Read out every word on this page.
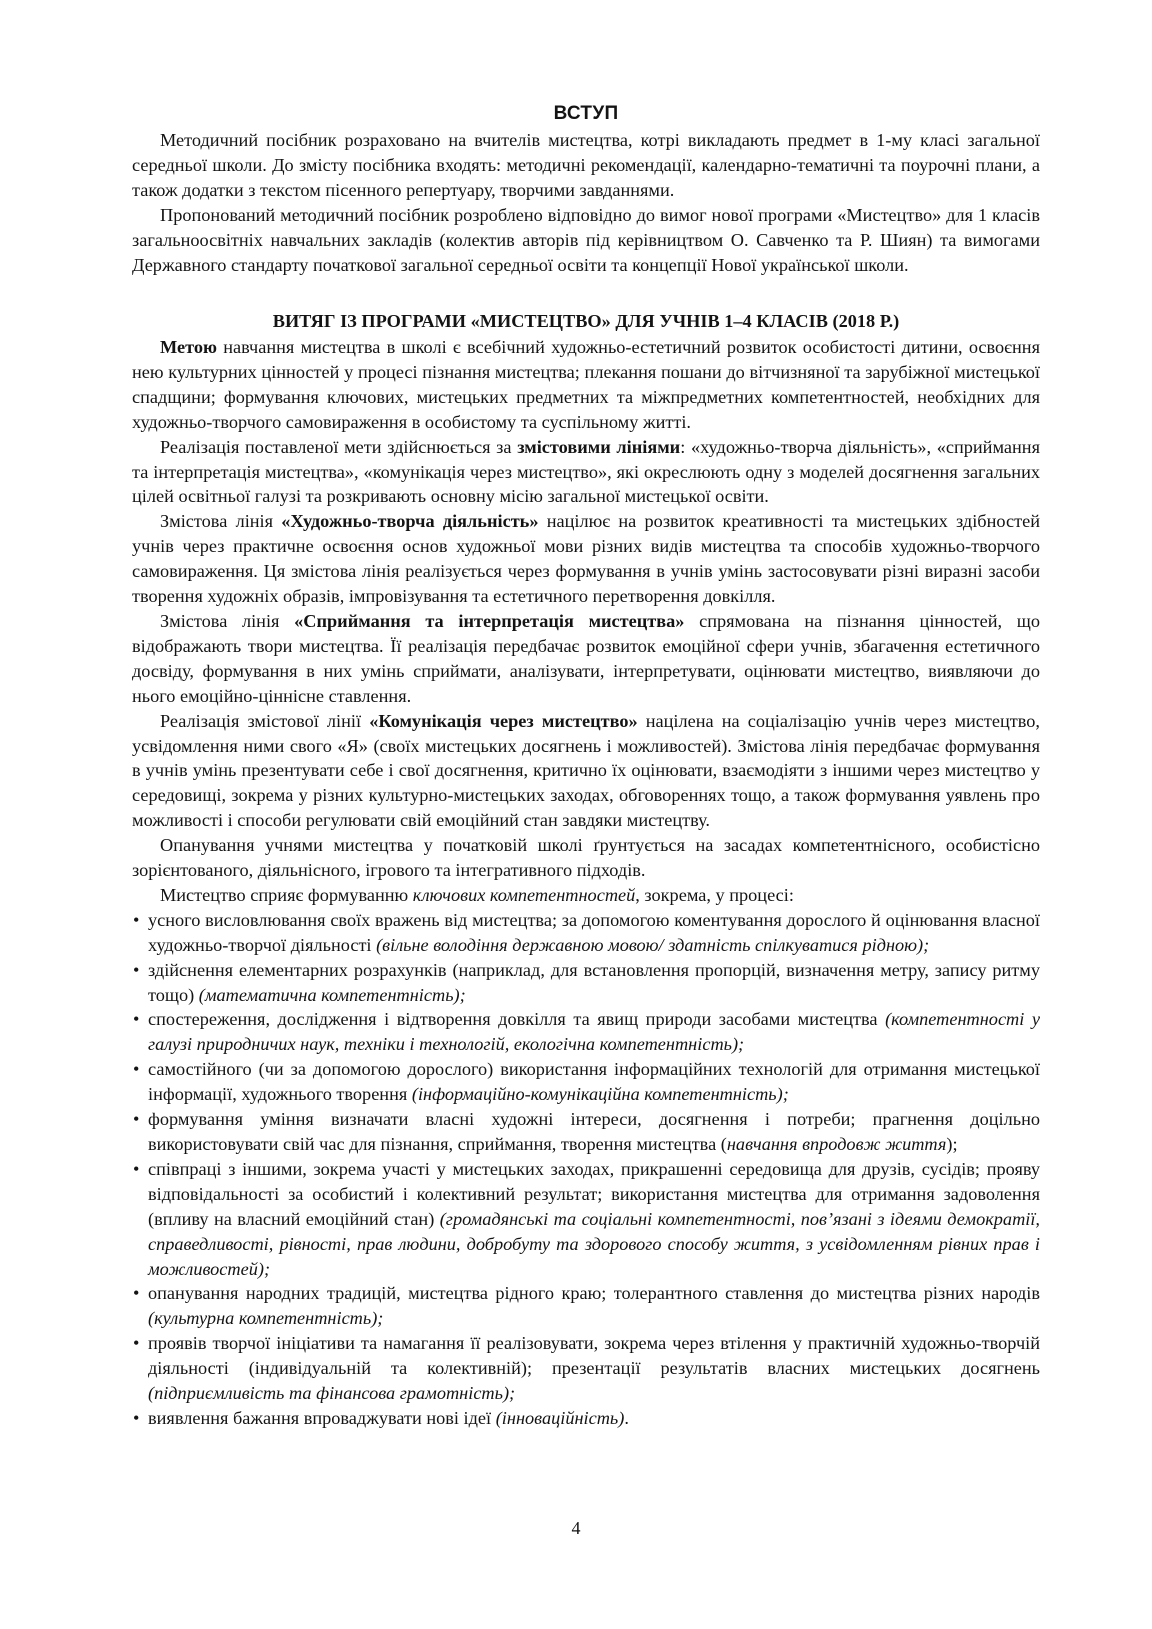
ВСТУП

Методичний посібник розраховано на вчителів мистецтва, котрі викладають предмет в 1-му класі загальної середньої школи. До змісту посібника входять: методичні рекомендації, календарно-тематичні та поурочні плани, а також додатки з текстом пісенного репертуару, творчими завданнями.

Пропонований методичний посібник розроблено відповідно до вимог нової програми «Мистецтво» для 1 класів загальноосвітніх навчальних закладів (колектив авторів під керівництвом О. Савченко та Р. Шиян) та вимогами Державного стандарту початкової загальної середньої освіти та концепції Нової української школи.

ВИТЯГ ІЗ ПРОГРАМИ «МИСТЕЦТВО» ДЛЯ УЧНІВ 1–4 КЛАСІВ (2018 Р.)

Метою навчання мистецтва в школі є всебічний художньо-естетичний розвиток особистості дитини, освоєння нею культурних цінностей у процесі пізнання мистецтва; плекання пошани до вітчизняної та зарубіжної мистецької спадщини; формування ключових, мистецьких предметних та міжпредметних компетентностей, необхідних для художньо-творчого самовираження в особистому та суспільному житті.

Реалізація поставленої мети здійснюється за змістовими лініями: «художньо-творча діяльність», «сприймання та інтерпретація мистецтва», «комунікація через мистецтво», які окреслюють одну з моделей досягнення загальних цілей освітньої галузі та розкривають основну місію загальної мистецької освіти.

Змістова лінія «Художньо-творча діяльність» націлює на розвиток креативності та мистецьких здібностей учнів через практичне освоєння основ художньої мови різних видів мистецтва та способів художньо-творчого самовираження. Ця змістова лінія реалізується через формування в учнів умінь застосовувати різні виразні засоби творення художніх образів, імпровізування та естетичного перетворення довкілля.

Змістова лінія «Сприймання та інтерпретація мистецтва» спрямована на пізнання цінностей, що відображають твори мистецтва. Її реалізація передбачає розвиток емоційної сфери учнів, збагачення естетичного досвіду, формування в них умінь сприймати, аналізувати, інтерпретувати, оцінювати мистецтво, виявляючи до нього емоційно-ціннісне ставлення.

Реалізація змістової лінії «Комунікація через мистецтво» націлена на соціалізацію учнів через мистецтво, усвідомлення ними свого «Я» (своїх мистецьких досягнень і можливостей). Змістова лінія передбачає формування в учнів умінь презентувати себе і свої досягнення, критично їх оцінювати, взаємодіяти з іншими через мистецтво у середовищі, зокрема у різних культурно-мистецьких заходах, обговореннях тощо, а також формування уявлень про можливості і способи регулювати свій емоційний стан завдяки мистецтву.

Опанування учнями мистецтва у початковій школі ґрунтується на засадах компетентнісного, особистісно зорієнтованого, діяльнісного, ігрового та інтегративного підходів.

Мистецтво сприяє формуванню ключових компетентностей, зокрема, у процесі:

• усного висловлювання своїх вражень від мистецтва; за допомогою коментування дорослого й оцінювання власної художньо-творчої діяльності (вільне володіння державною мовою/ здатність спілкуватися рідною);
• здійснення елементарних розрахунків (наприклад, для встановлення пропорцій, визначення метру, запису ритму тощо) (математична компетентність);
• спостереження, дослідження і відтворення довкілля та явищ природи засобами мистецтва (компетентності у галузі природничих наук, техніки і технологій, екологічна компетентність);
• самостійного (чи за допомогою дорослого) використання інформаційних технологій для отримання мистецької інформації, художнього творення (інформаційно-комунікаційна компетентність);
• формування уміння визначати власні художні інтереси, досягнення і потреби; прагнення доцільно використовувати свій час для пізнання, сприймання, творення мистецтва (навчання впродовж життя);
• співпраці з іншими, зокрема участі у мистецьких заходах, прикрашенні середовища для друзів, сусідів; прояву відповідальності за особистий і колективний результат; використання мистецтва для отримання задоволення (впливу на власний емоційний стан) (громадянські та соціальні компетентності, пов’язані з ідеями демократії, справедливості, рівності, прав людини, добробуту та здорового способу життя, з усвідомленням рівних прав і можливостей);
• опанування народних традицій, мистецтва рідного краю; толерантного ставлення до мистецтва різних народів (культурна компетентність);
• проявів творчої ініціативи та намагання її реалізовувати, зокрема через втілення у практичній художньо-творчій діяльності (індивідуальній та колективній); презентації результатів власних мистецьких досягнень (підприємливість та фінансова грамотність);
• виявлення бажання впроваджувати нові ідеї (інноваційність).
4
